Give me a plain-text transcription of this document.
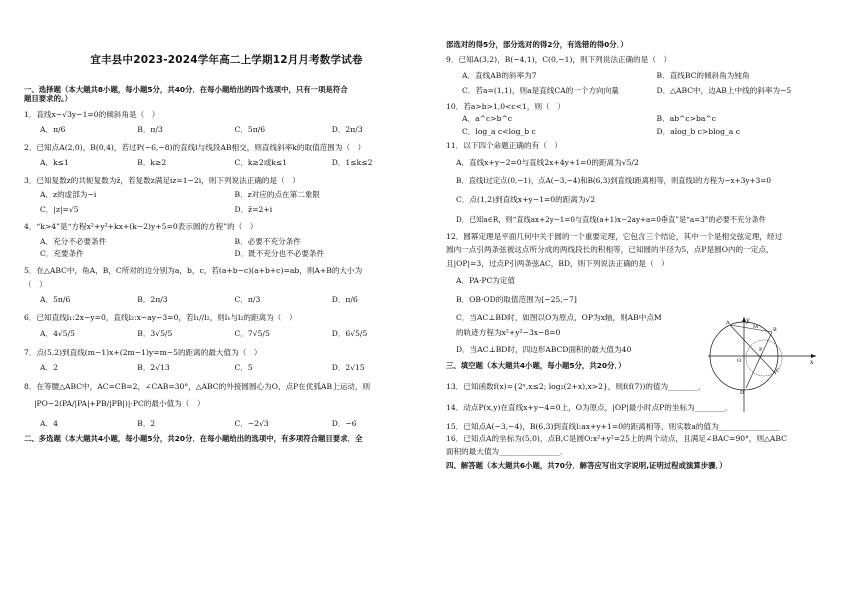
宜丰县中2023-2024学年高二上学期12月月考数学试卷

一、选择题（本大题共8小题，每小题5分，共40分．在每小题给出的四个选项中，只有一项是符合

题目要求的。）

1．直线x−√3y−1=0的倾斜角是（　）

A．π/6	B．π/3	C．5π/6	D．2π/3

2．已知点A(2,0)，B(0,4)，若过P(−6,−8)的直线l与线段AB相交，则直线斜率k的取值范围为（　）

A．k≤1	B．k≥2	C．k≥2或k≤1	D．1≤k≤2

3．已知复数z的共轭复数为z̄，若复数z满足iz=1−2i，则下列说法正确的是（　）

A．z的虚部为−i	B．z对应的点在第二象限
C．|z|=√5	D．z̄=2+i

4．“k>4”是“方程x²+y²+kx+(k−2)y+5=0表示圆的方程”的（　）

A．充分不必要条件	B．必要不充分条件
C．充要条件	D．既不充分也不必要条件

5．在△ABC中，角A，B，C所对的边分别为a，b，c，若(a+b−c)(a+b+c)=ab，则A+B的大小为

（　）

A．5π/6	B．2π/3	C．π/3	D．π/6

6．已知直线l₁:2x−y=0，直线l₂:x−ay−3=0，若l₁//l₂，则l₁与l₂的距离为（　）

A．4√5/5	B．3√5/5	C．7√5/5	D．6√5/5

7．点(5,2)到直线(m−1)x+(2m−1)y=m−5的距离的最大值为（　）

A．2	B．2√13	C．5	D．2√15

8．在等腰△ABC中，AC=CB=2，∠CAB=30°，△ABC的外接圆圆心为O，点P在优弧AB上运动，则

|PO−2(PA/|PA|+PB/|PB|)|·PC的最小值为（　）

A．4	B．2	C．−2√3	D．−6

二、多选题（本大题共4小题，每小题5分，共20分．在每小题给出的选项中，有多项符合题目要求．全

部选对的得5分，部分选对的得2分，有选错的得0分．）

9．已知A(3,2)，B(−4,1)，C(0,−1)，则下列说法正确的是（　）

A．直线AB的斜率为7	B．直线BC的倾斜角为钝角
C．若a=(1,1)，则a是直线CA的一个方向向量	D．△ABC中，边AB上中线的斜率为−5

10．若a>b>1,0<c<1，则（　）

A．a^c>b^c	B．ab^c>ba^c
C．log_a c<log_b c	D．alog_b c>blog_a c

11．以下四个命题正确的有（　）

A．直线x+y−2=0与直线2x+4y+1=0的距离为√5/2

B．直线l过定点(0,−1)，点A(−3,−4)和B(6,3)到直线l距离相等，则直线l的方程为−x+3y+3=0

C．点(1,2)到直线x+y−1=0的距离为√2

D．已知a∈R，则“直线ax+2y−1=0与直线(a+1)x−2ay+a=0垂直”是“a=3”的必要不充分条件

12．圆幂定理是平面几何中关于圆的一个重要定理，它包含三个结论，其中一个是相交弦定理，经过

圆内一点引两条弦被这点所分成的两线段长的积相等，已知圆的半径为5，点P是圆O内的一定点，

且|OP|=3，过点P引两条弦AC，BD，则下列说法正确的是（　）

A．PA·PC为定值

B．OB·OD的取值范围为[−25,−7]

C．当AC⊥BD时，如图以O为原点，OP为x轴，则AB中点M

的轨迹方程为x²+y²−3x−8=0

D．当AC⊥BD时，四边形ABCD面积的最大值为40

三、填空题（本大题共4小题，每小题5分，共20分．）

13．已知函数f(x)={2ˣ,x≤2; log₂(2+x),x>2}，则f(f(7))的值为________．

14．动点P(x,y)在直线x+y−4=0上，O为原点，|OP|最小时点P的坐标为________．

15．已知点A(−3,−4)，B(6,3)到直线l:ax+y+1=0的距离相等，则实数a的值为________________

16．已知点A的坐标为(5,0)，点B,C是圆O:x²+y²=25上的两个动点，且满足∠BAC=90°，则△ABC

面积的最大值为________________．

四、解答题（本大题共6小题，共70分．解答应写出文字说明,证明过程或演算步骤．）

y
x
A
B
C
D
M
O
P
